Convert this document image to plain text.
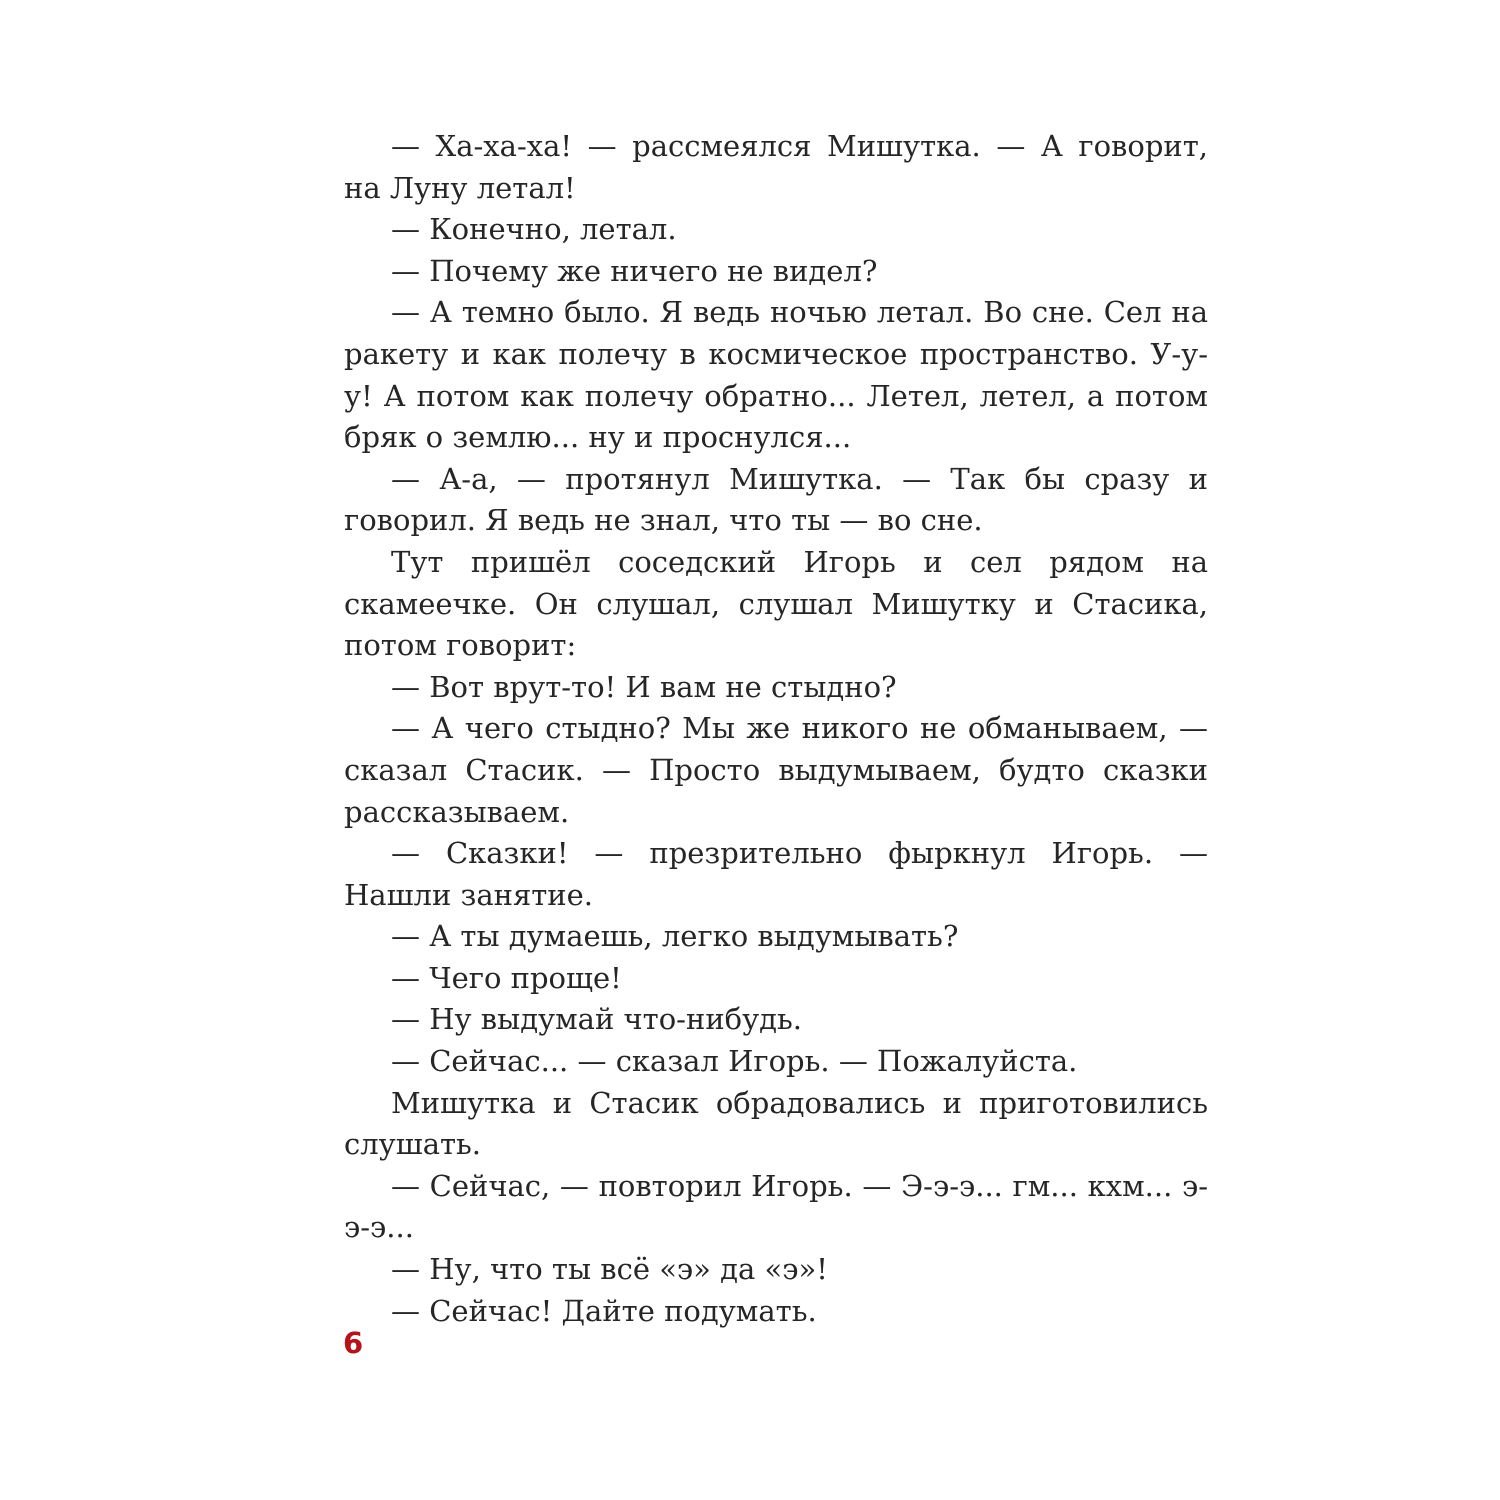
— Ха-ха-ха! — рассмеялся Мишутка. — А говорит, на Луну летал!

— Конечно, летал.

— Почему же ничего не видел?

— А темно было. Я ведь ночью летал. Во сне. Сел на ракету и как полечу в космическое пространство. У-у-у! А потом как полечу обратно... Летел, летел, а потом бряк о землю... ну и проснулся...

— А-а, — протянул Мишутка. — Так бы сразу и говорил. Я ведь не знал, что ты — во сне.

Тут пришёл соседский Игорь и сел рядом на скамеечке. Он слушал, слушал Мишутку и Стасика, потом говорит:

— Вот врут-то! И вам не стыдно?

— А чего стыдно? Мы же никого не обманываем, — сказал Стасик. — Просто выдумываем, будто сказки рассказываем.

— Сказки! — презрительно фыркнул Игорь. — Нашли занятие.

— А ты думаешь, легко выдумывать?

— Чего проще!

— Ну выдумай что-нибудь.

— Сейчас... — сказал Игорь. — Пожалуйста.

Мишутка и Стасик обрадовались и приготовились слушать.

— Сейчас, — повторил Игорь. — Э-э-э... гм... кхм... э-э-э...

— Ну, что ты всё «э» да «э»!

— Сейчас! Дайте подумать.

6
